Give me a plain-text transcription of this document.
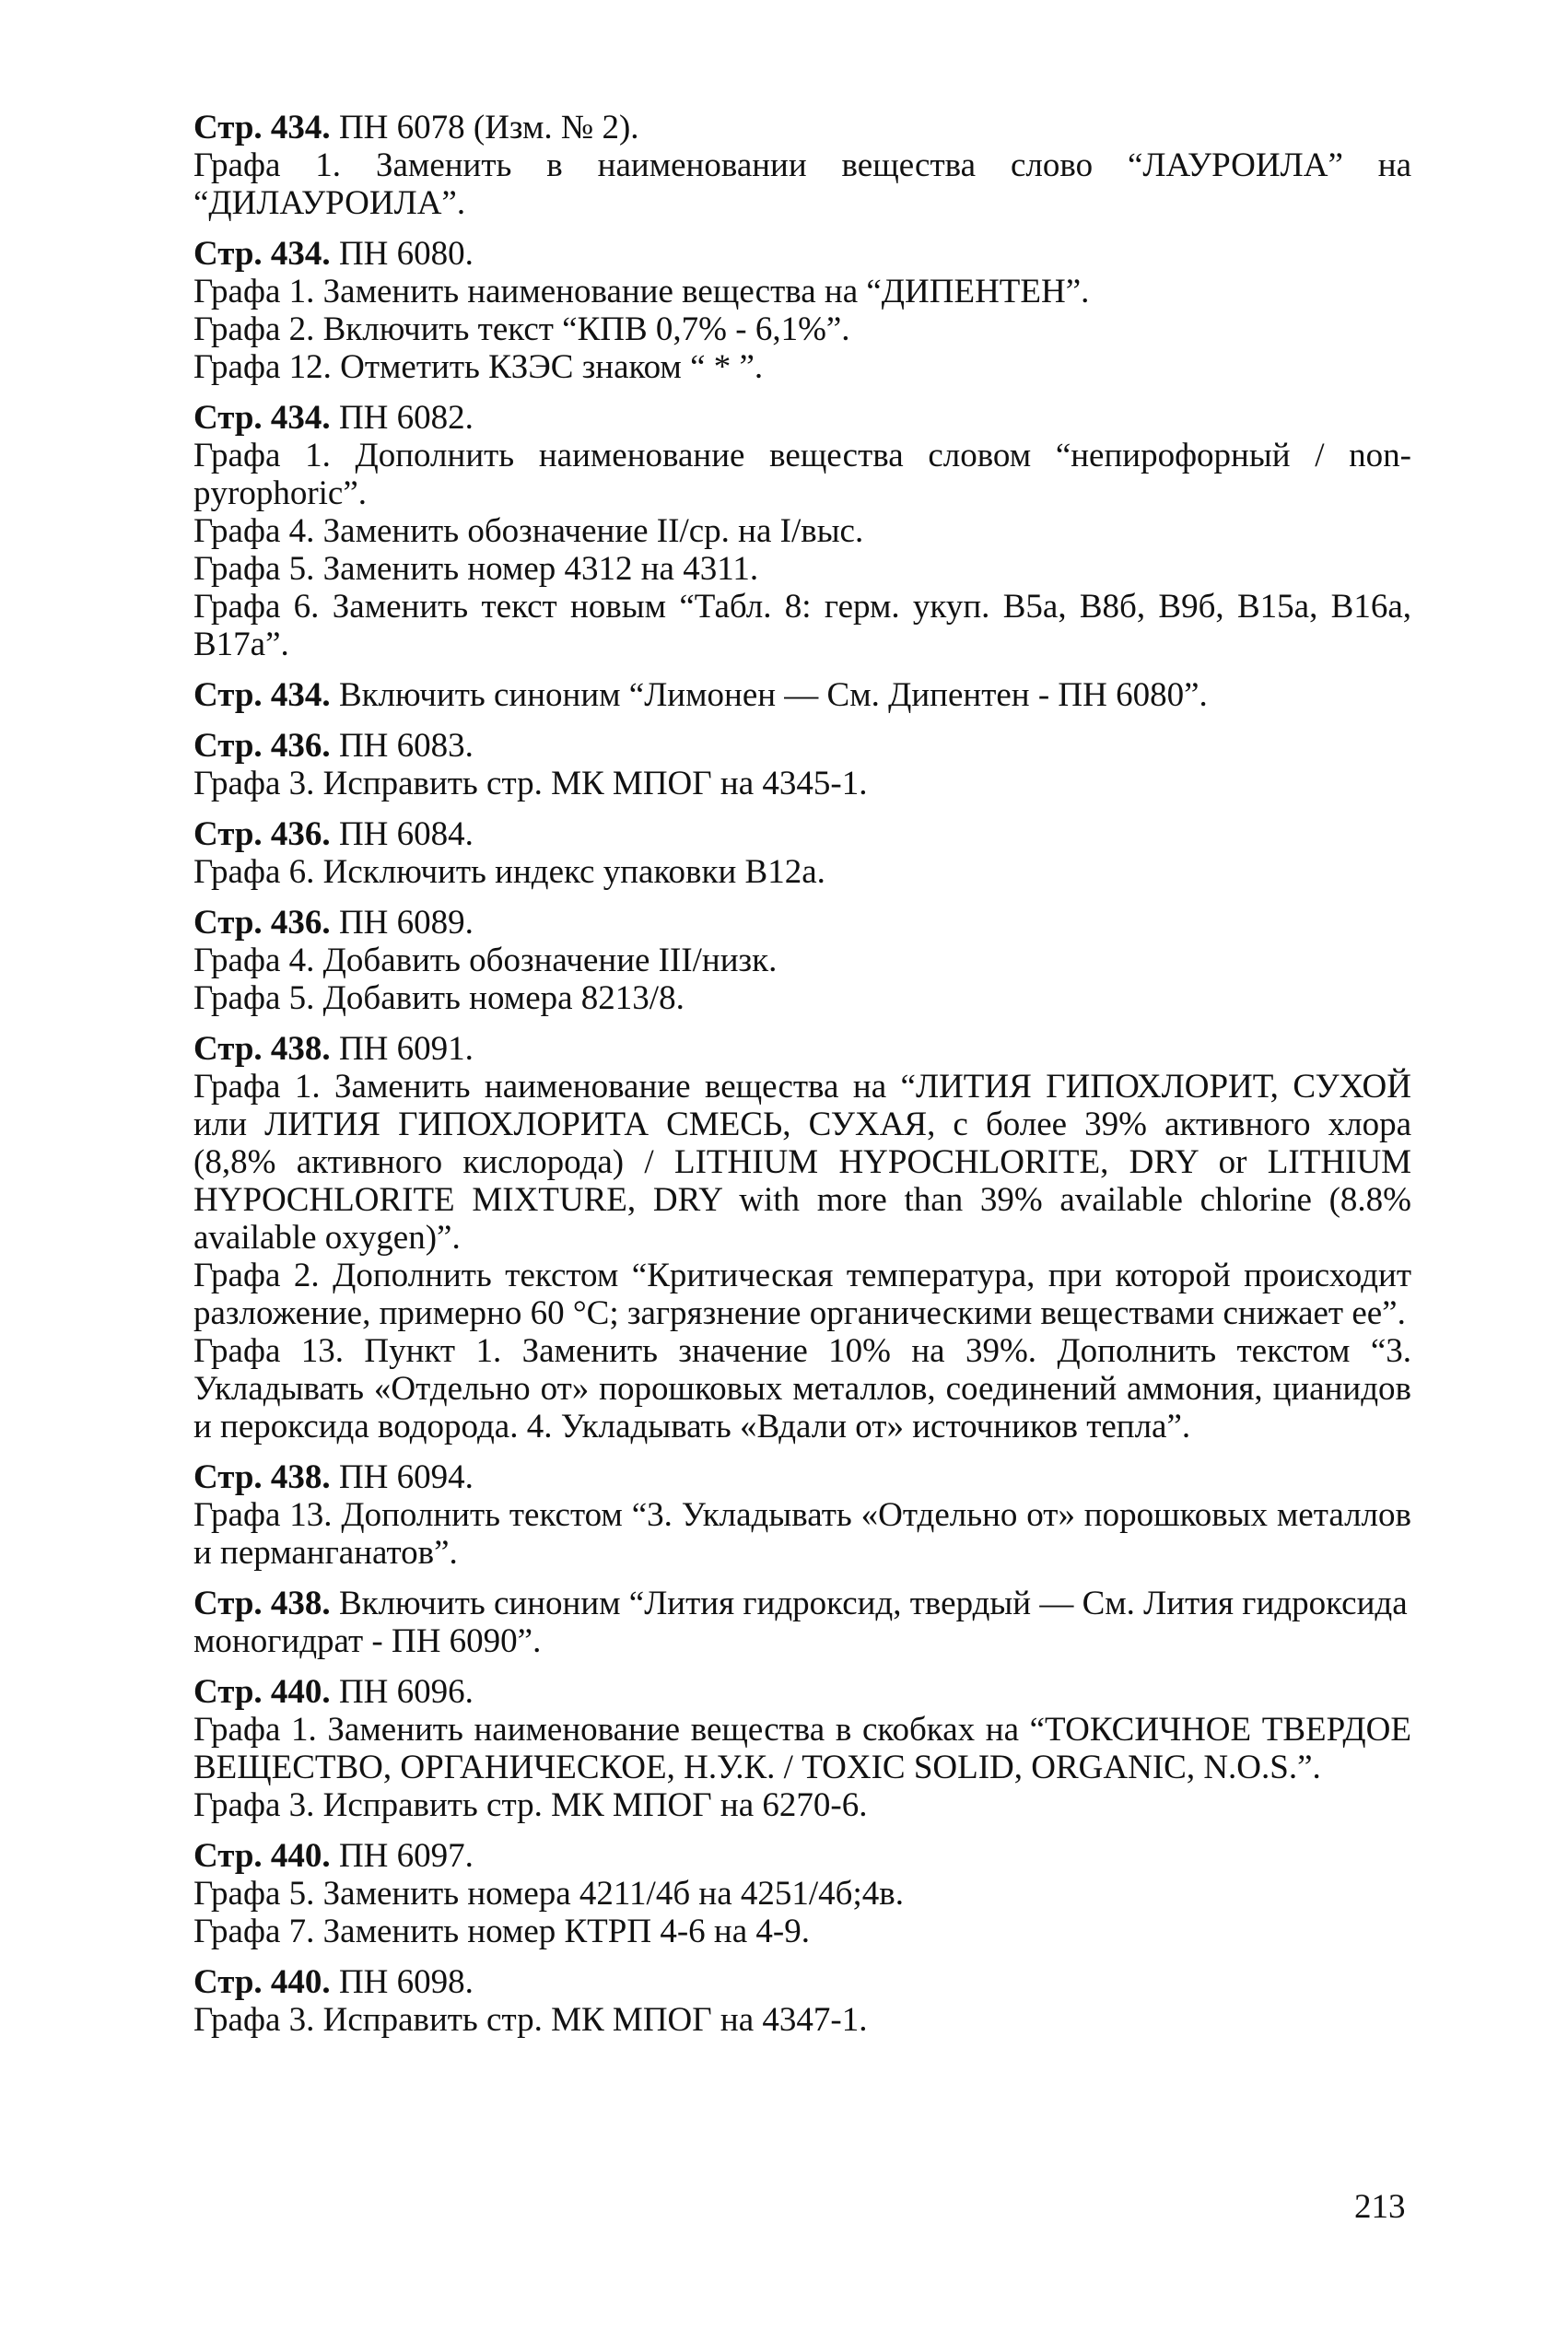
Стр. 434. ПН 6078 (Изм. № 2).

Графа 1. Заменить в наименовании вещества слово “ЛАУРОИЛА” на “ДИЛАУРОИЛА”.

Стр. 434. ПН 6080.

Графа 1. Заменить наименование вещества на “ДИПЕНТЕН”.

Графа 2. Включить текст “КПВ 0,7% - 6,1%”.

Графа 12. Отметить КЗЭС знаком “ * ”.

Стр. 434. ПН 6082.

Графа 1. Дополнить наименование вещества словом “непирофорный / non-pyrophoric”.

Графа 4. Заменить обозначение II/ср. на I/выс.

Графа 5. Заменить номер 4312 на 4311.

Графа 6. Заменить текст новым “Табл. 8: герм. укуп. B5a, B8б, B9б, B15a, B16a, B17a”.

Стр. 434. Включить синоним “Лимонен — См. Дипентен - ПН 6080”.

Стр. 436. ПН 6083.

Графа 3. Исправить стр. МК МПОГ на 4345-1.

Стр. 436. ПН 6084.

Графа 6. Исключить индекс упаковки B12a.

Стр. 436. ПН 6089.

Графа 4. Добавить обозначение III/низк.

Графа 5. Добавить номера 8213/8.

Стр. 438. ПН 6091.

Графа 1. Заменить наименование вещества на “ЛИТИЯ ГИПОХЛОРИТ, СУХОЙ или ЛИТИЯ ГИПОХЛОРИТА СМЕСЬ, СУХАЯ, с более 39% активного хлора (8,8% активного кислорода) / LITHIUM HYPOCHLORITE, DRY or LITHIUM HYPOCHLORITE MIXTURE, DRY with more than 39% available chlorine (8.8% available oxygen)”.

Графа 2. Дополнить текстом “Критическая температура, при которой происходит разложение, примерно 60 °С; загрязнение органическими веществами снижает ее”.

Графа 13. Пункт 1. Заменить значение 10% на 39%. Дополнить текстом “3. Укладывать «Отдельно от» порошковых металлов, соединений аммония, цианидов и пероксида водорода. 4. Укладывать «Вдали от» источников тепла”.

Стр. 438. ПН 6094.

Графа 13. Дополнить текстом “3. Укладывать «Отдельно от» порошковых металлов и перманганатов”.

Стр. 438. Включить синоним “Лития гидроксид, твердый — См. Лития гидроксида моногидрат - ПН 6090”.

Стр. 440. ПН 6096.

Графа 1. Заменить наименование вещества в скобках на “ТОКСИЧНОЕ ТВЕРДОЕ ВЕЩЕСТВО, ОРГАНИЧЕСКОЕ, Н.У.К. / TOXIC SOLID, ORGANIC, N.O.S.”.

Графа 3. Исправить стр. МК МПОГ на 6270-6.

Стр. 440. ПН 6097.

Графа 5. Заменить номера 4211/4б на 4251/4б;4в.

Графа 7. Заменить номер КТРП 4-6 на 4-9.

Стр. 440. ПН 6098.

Графа 3. Исправить стр. МК МПОГ на 4347-1.

213
